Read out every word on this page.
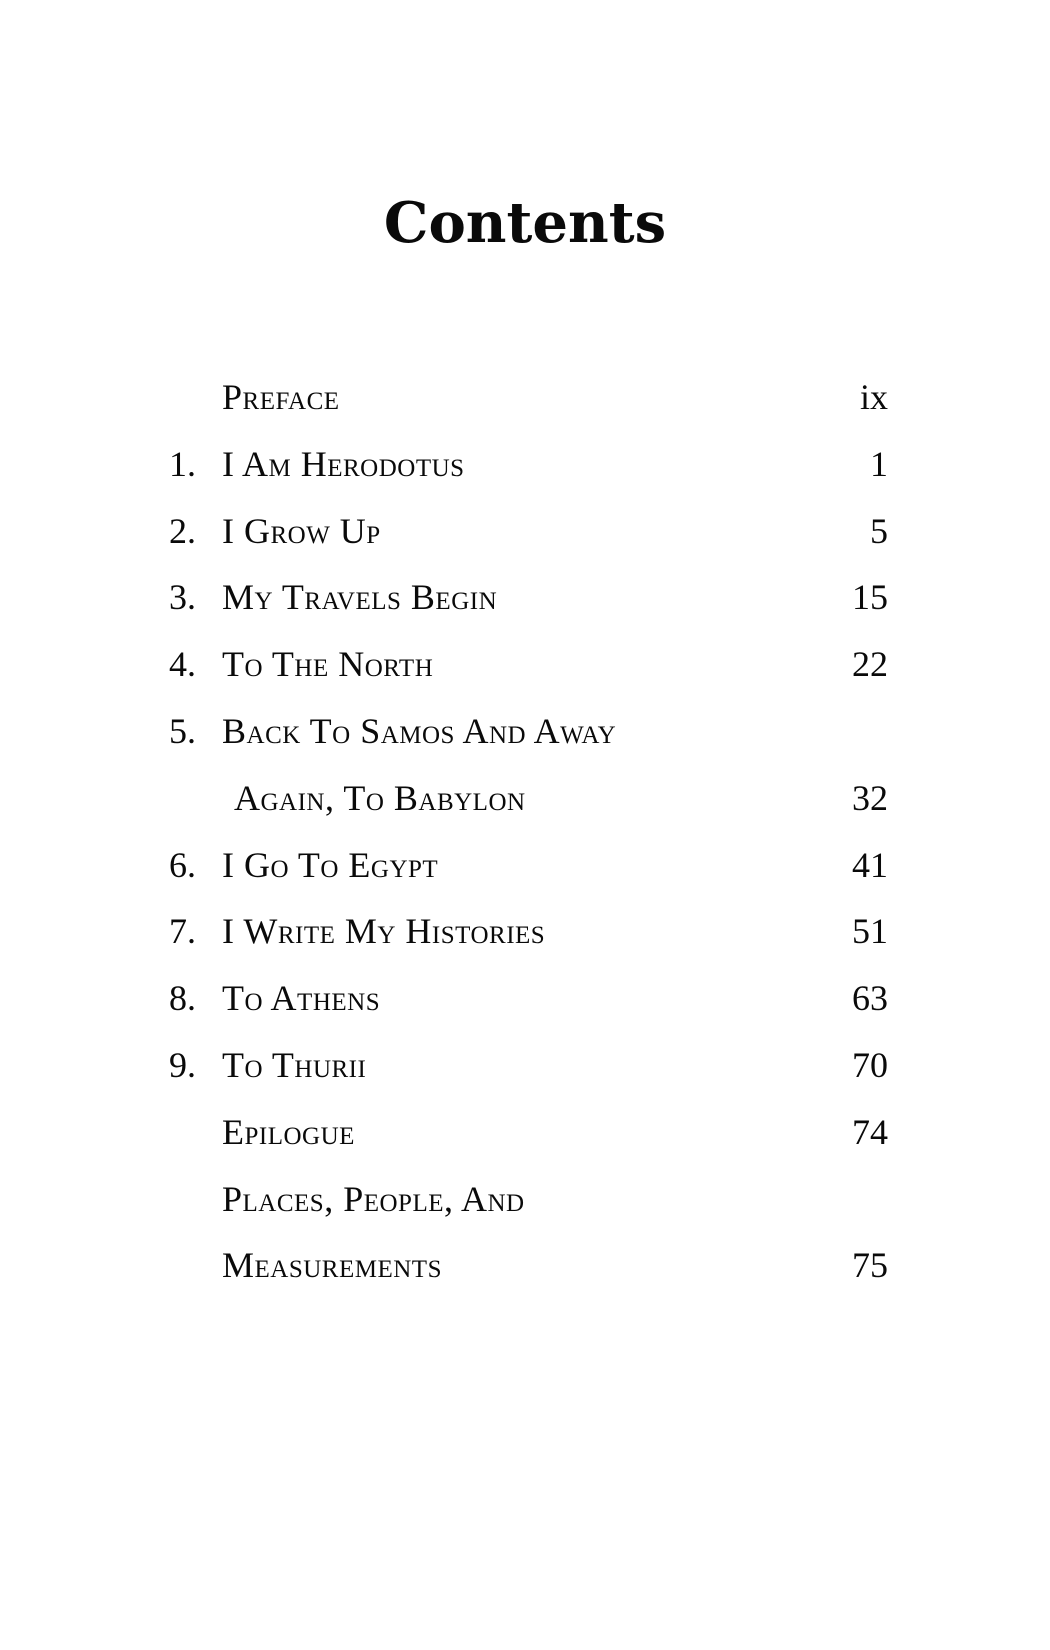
Contents
Preface	ix
1. I Am Herodotus	1
2. I Grow Up	5
3. My Travels Begin	15
4. To The North	22
5. Back To Samos And Away
Again, To Babylon	32
6. I Go To Egypt	41
7. I Write My Histories	51
8. To Athens	63
9. To Thurii	70
Epilogue	74
Places, People, And
Measurements	75
